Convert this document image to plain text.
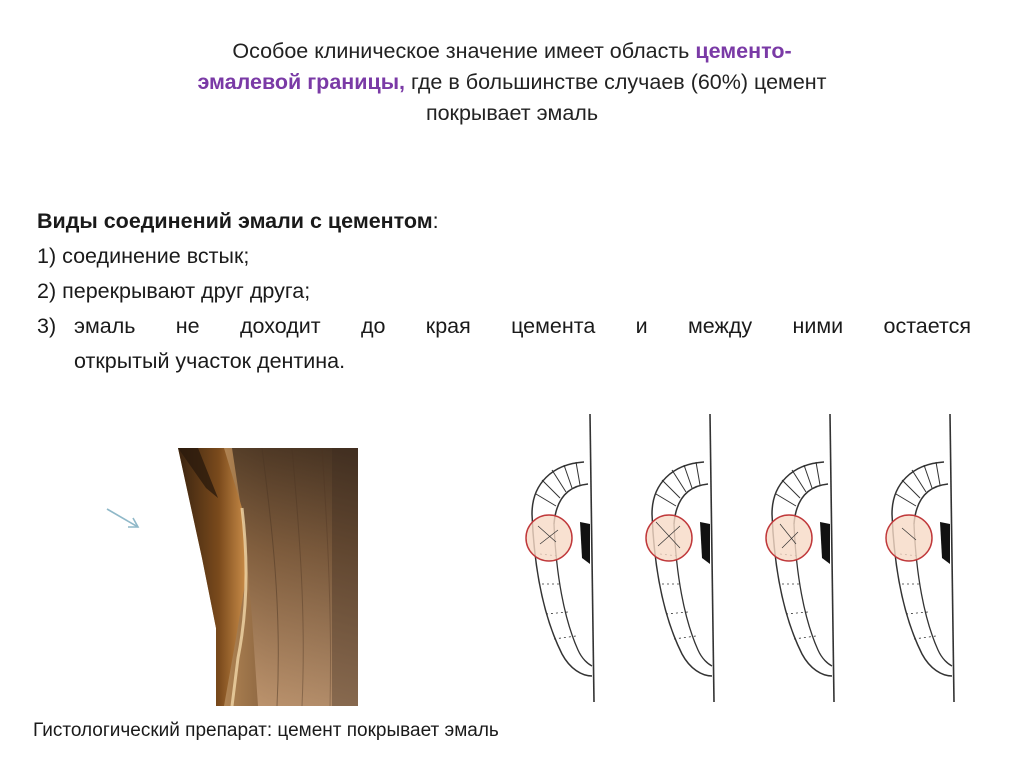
Особое клиническое значение имеет область цементо-
эмалевой границы, где в большинстве случаев (60%) цемент
покрывает эмаль
Виды соединений эмали с цементом:
1) соединение встык;
2) перекрывают друг друга;
3) эмаль не доходит до края цемента и между ними остается
открытый участок дентина.
Гистологический препарат: цемент покрывает эмаль
